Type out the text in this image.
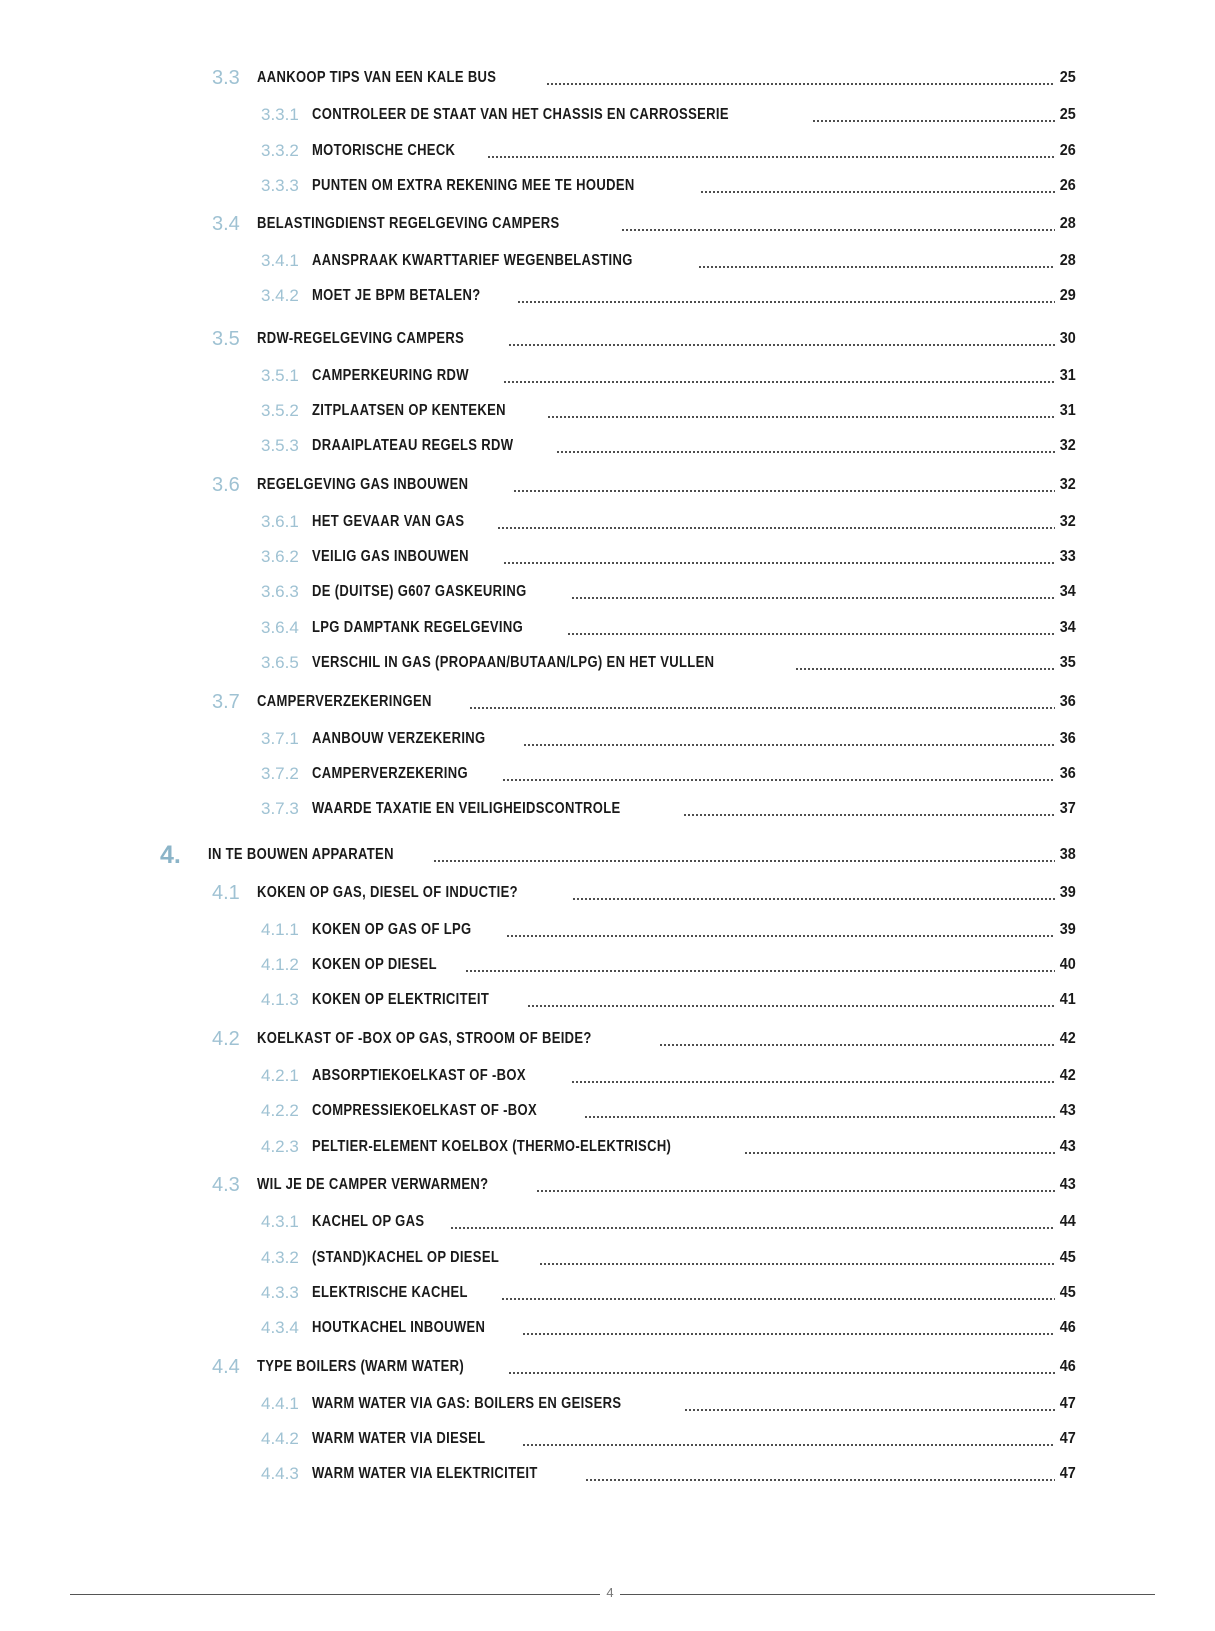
3.3 AANKOOP TIPS VAN EEN KALE BUS	25
3.3.1 CONTROLEER DE STAAT VAN HET CHASSIS EN CARROSSERIE	25
3.3.2 MOTORISCHE CHECK	26
3.3.3 PUNTEN OM EXTRA REKENING MEE TE HOUDEN	26
3.4 BELASTINGDIENST REGELGEVING CAMPERS	28
3.4.1 AANSPRAAK KWARTTARIEF WEGENBELASTING	28
3.4.2 MOET JE BPM BETALEN?	29
3.5 RDW-REGELGEVING CAMPERS	30
3.5.1 CAMPERKEURING RDW	31
3.5.2 ZITPLAATSEN OP KENTEKEN	31
3.5.3 DRAAIPLATEAU REGELS RDW	32
3.6 REGELGEVING GAS INBOUWEN	32
3.6.1 HET GEVAAR VAN GAS	32
3.6.2 VEILIG GAS INBOUWEN	33
3.6.3 DE (DUITSE) G607 GASKEURING	34
3.6.4 LPG DAMPTANK REGELGEVING	34
3.6.5 VERSCHIL IN GAS (PROPAAN/BUTAAN/LPG) EN HET VULLEN	35
3.7 CAMPERVERZEKERINGEN	36
3.7.1 AANBOUW VERZEKERING	36
3.7.2 CAMPERVERZEKERING	36
3.7.3 WAARDE TAXATIE EN VEILIGHEIDSCONTROLE	37
4. IN TE BOUWEN APPARATEN	38
4.1 KOKEN OP GAS, DIESEL OF INDUCTIE?	39
4.1.1 KOKEN OP GAS OF LPG	39
4.1.2 KOKEN OP DIESEL	40
4.1.3 KOKEN OP ELEKTRICITEIT	41
4.2 KOELKAST OF -BOX OP GAS, STROOM OF BEIDE?	42
4.2.1 ABSORPTIEKOELKAST OF -BOX	42
4.2.2 COMPRESSIEKOELKAST OF -BOX	43
4.2.3 PELTIER-ELEMENT KOELBOX (THERMO-ELEKTRISCH)	43
4.3 WIL JE DE CAMPER VERWARMEN?	43
4.3.1 KACHEL OP GAS	44
4.3.2 (STAND)KACHEL OP DIESEL	45
4.3.3 ELEKTRISCHE KACHEL	45
4.3.4 HOUTKACHEL INBOUWEN	46
4.4 TYPE BOILERS (WARM WATER)	46
4.4.1 WARM WATER VIA GAS: BOILERS EN GEISERS	47
4.4.2 WARM WATER VIA DIESEL	47
4.4.3 WARM WATER VIA ELEKTRICITEIT	47
4
